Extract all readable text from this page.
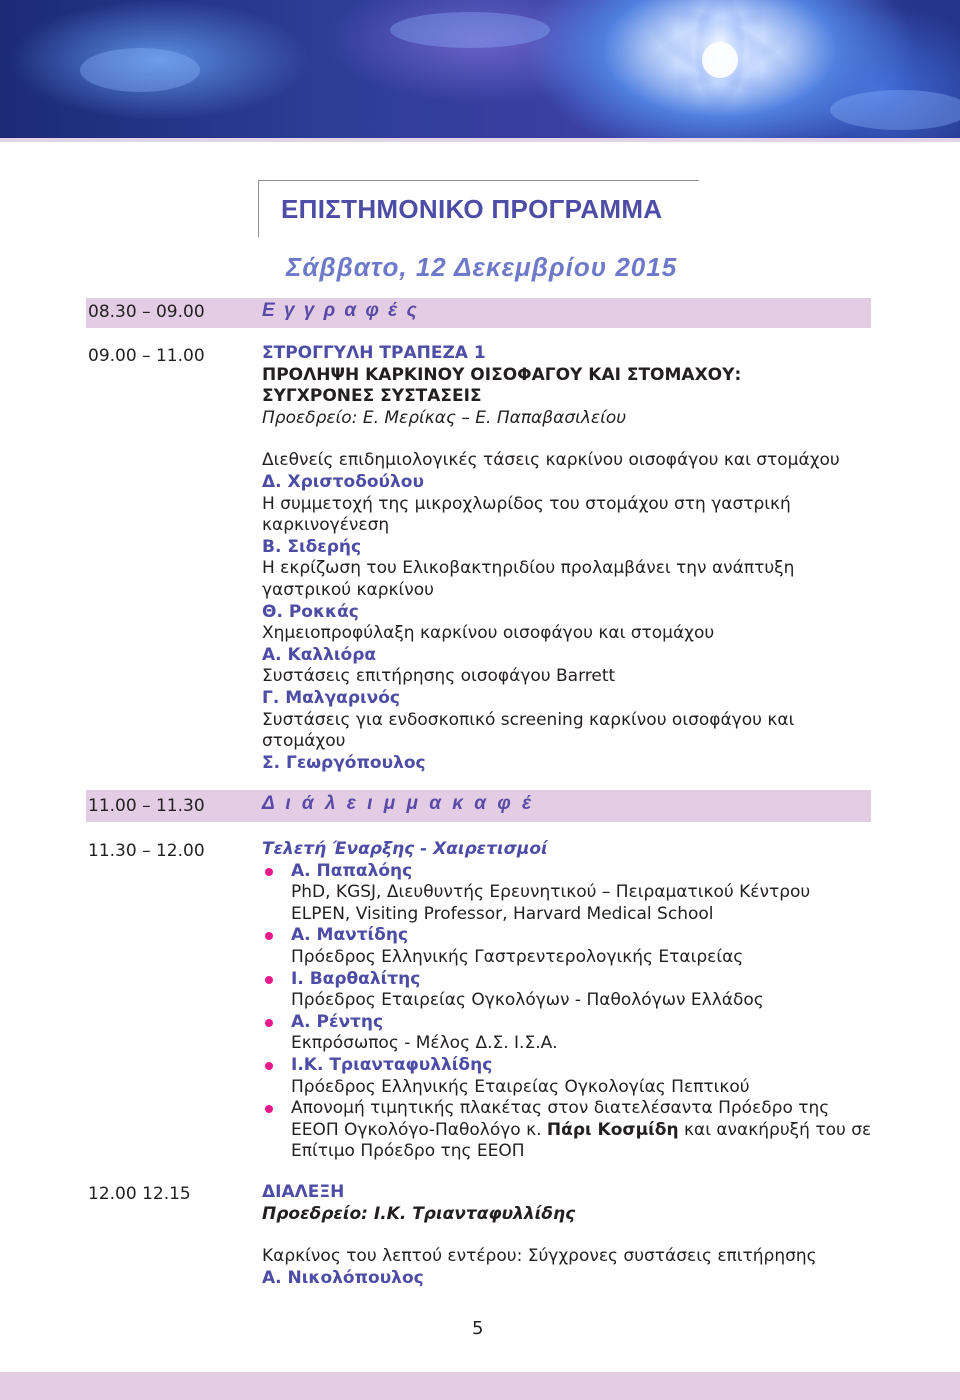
ΕΠΙΣΤΗΜΟΝΙΚΟ ΠΡΟΓΡΑΜΜΑ
Σάββατο, 12 Δεκεμβρίου 2015
08.30 – 09.00	Ε γ γ ρ α φ έ ς
09.00 – 11.00	ΣΤΡΟΓΓΥΛΗ ΤΡΑΠΕΖΑ 1

ΠΡΟΛΗΨΗ ΚΑΡΚΙΝΟΥ ΟΙΣΟΦΑΓΟΥ ΚΑΙ ΣΤΟΜΑΧΟΥ:

ΣΥΓΧΡΟΝΕΣ ΣΥΣΤΑΣΕΙΣ

Προεδρείο: Ε. Μερίκας – Ε. Παπαβασιλείου

Διεθνείς επιδημιολογικές τάσεις καρκίνου οισοφάγου και στομάχου

Δ. Χριστοδούλου

Η συμμετοχή της μικροχλωρίδος του στομάχου στη γαστρική καρκινογένεση

Β. Σιδερής

Η εκρίζωση του Ελικοβακτηριδίου προλαμβάνει την ανάπτυξη γαστρικού καρκίνου

Θ. Ροκκάς

Χημειοπροφύλαξη καρκίνου οισοφάγου και στομάχου

Α. Καλλιόρα

Συστάσεις επιτήρησης οισοφάγου Barrett

Γ. Μαλγαρινός

Συστάσεις για ενδοσκοπικό screening καρκίνου οισοφάγου και στομάχου

Σ. Γεωργόπουλος

11.00 – 11.30	Δ ι ά λ ε ι μ μ α κ α φ έ
11.30 – 12.00	Τελετή Έναρξης - Χαιρετισμοί

Α. Παπαλόης
PhD, KGSJ, Διευθυντής Ερευνητικού – Πειραματικού Κέντρου ELPEN, Visiting Professor, Harvard Medical School
Α. Μαντίδης
Πρόεδρος Ελληνικής Γαστρεντερολογικής Εταιρείας
Ι. Βαρθαλίτης
Πρόεδρος Εταιρείας Ογκολόγων - Παθολόγων Ελλάδος
Α. Ρέντης
Εκπρόσωπος - Μέλος Δ.Σ. Ι.Σ.Α.
Ι.Κ. Τριανταφυλλίδης
Πρόεδρος Ελληνικής Εταιρείας Ογκολογίας Πεπτικού
Απονομή τιμητικής πλακέτας στον διατελέσαντα Πρόεδρο της ΕΕΟΠ Ογκολόγο-Παθολόγο κ. Πάρι Κοσμίδη και ανακήρυξή του σε Επίτιμο Πρόεδρο της ΕΕΟΠ
12.00 12.15	ΔΙΑΛΕΞΗ

Προεδρείο: Ι.Κ. Τριανταφυλλίδης

Καρκίνος του λεπτού εντέρου: Σύγχρονες συστάσεις επιτήρησης

Α. Νικολόπουλος

5
